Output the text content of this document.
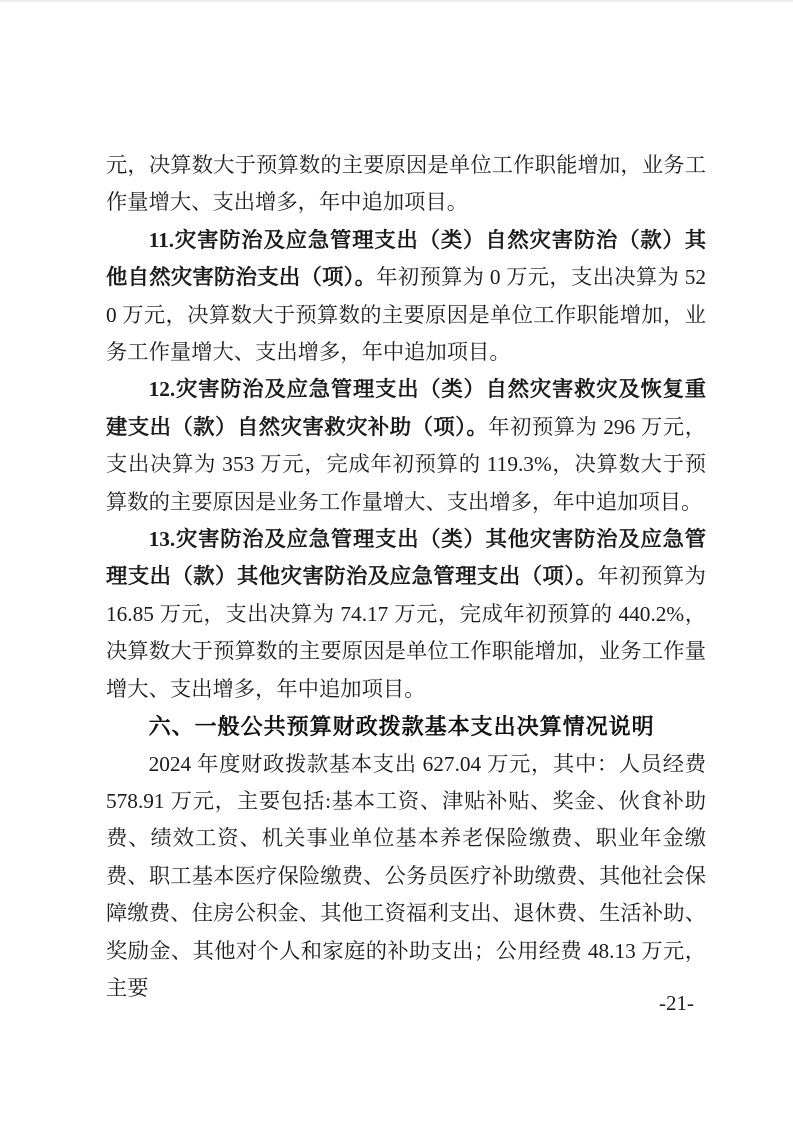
元，决算数大于预算数的主要原因是单位工作职能增加，业务工作量增大、支出增多，年中追加项目。

11.灾害防治及应急管理支出（类）自然灾害防治（款）其他自然灾害防治支出（项）。年初预算为 0 万元，支出决算为 520 万元，决算数大于预算数的主要原因是单位工作职能增加，业务工作量增大、支出增多，年中追加项目。

12.灾害防治及应急管理支出（类）自然灾害救灾及恢复重建支出（款）自然灾害救灾补助（项）。年初预算为 296 万元，支出决算为 353 万元，完成年初预算的 119.3%，决算数大于预算数的主要原因是业务工作量增大、支出增多，年中追加项目。

13.灾害防治及应急管理支出（类）其他灾害防治及应急管理支出（款）其他灾害防治及应急管理支出（项）。年初预算为 16.85 万元，支出决算为 74.17 万元，完成年初预算的 440.2%，决算数大于预算数的主要原因是单位工作职能增加，业务工作量增大、支出增多，年中追加项目。

六、一般公共预算财政拨款基本支出决算情况说明

2024 年度财政拨款基本支出 627.04 万元，其中：人员经费 578.91 万元，主要包括:基本工资、津贴补贴、奖金、伙食补助费、绩效工资、机关事业单位基本养老保险缴费、职业年金缴费、职工基本医疗保险缴费、公务员医疗补助缴费、其他社会保障缴费、住房公积金、其他工资福利支出、退休费、生活补助、奖励金、其他对个人和家庭的补助支出；公用经费 48.13 万元，主要

-21-
